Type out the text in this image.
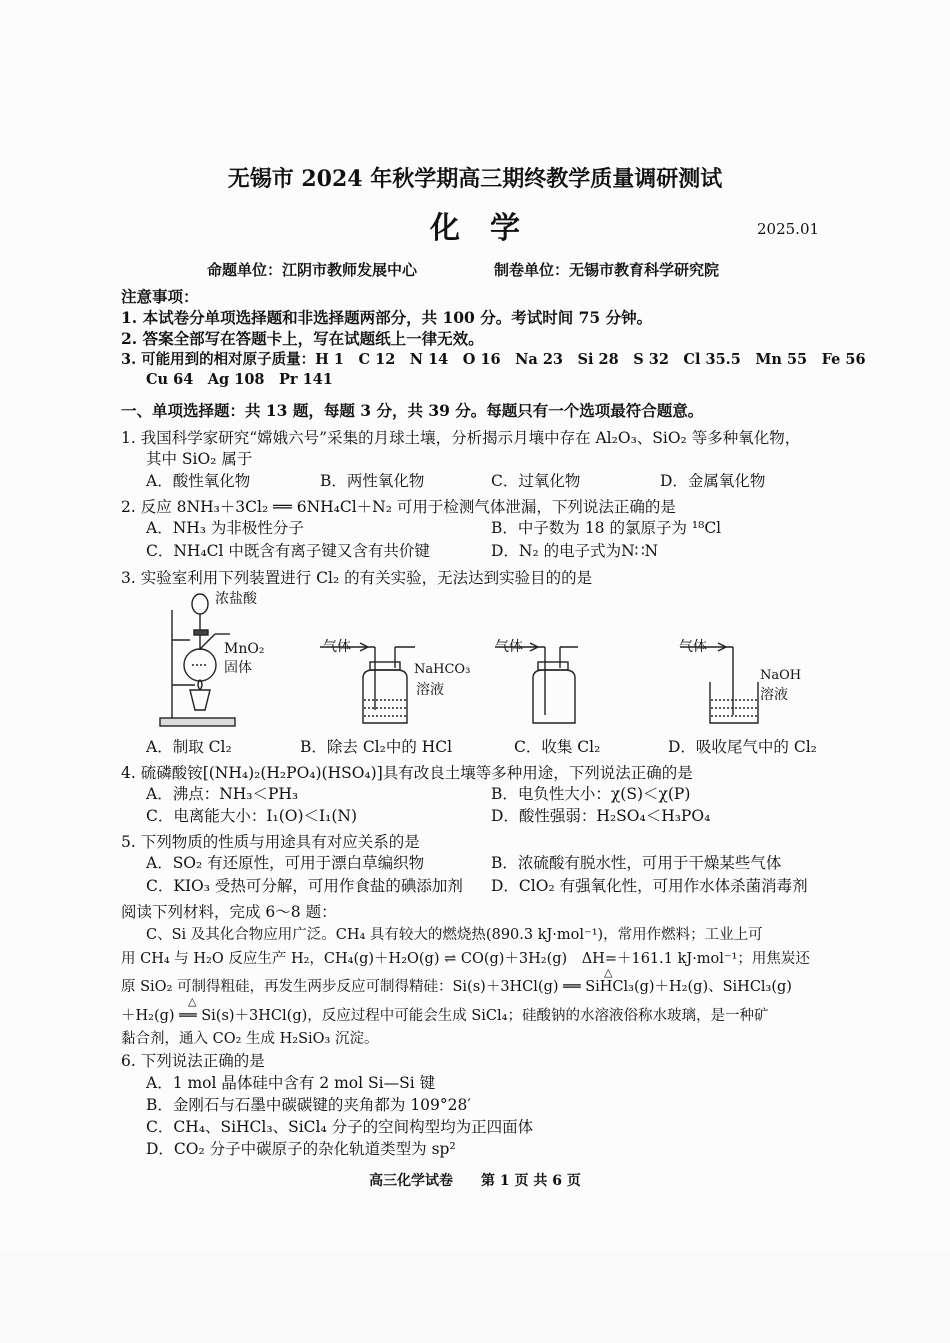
无锡市 2024 年秋学期高三期终教学质量调研测试
化学	2025.01
命题单位：江阴市教师发展中心	制卷单位：无锡市教育科学研究院
注意事项：
1. 本试卷分单项选择题和非选择题两部分，共 100 分。考试时间 75 分钟。
2. 答案全部写在答题卡上，写在试题纸上一律无效。
3. 可能用到的相对原子质量：H 1　C 12　N 14　O 16　Na 23　Si 28　S 32　Cl 35.5　Mn 55　Fe 56
Cu 64　Ag 108　Pr 141
一、单项选择题：共 13 题，每题 3 分，共 39 分。每题只有一个选项最符合题意。
1. 我国科学家研究“嫦娥六号”采集的月球土壤，分析揭示月壤中存在 Al₂O₃、SiO₂ 等多种氧化物，
其中 SiO₂ 属于
A．酸性氧化物	B．两性氧化物	C．过氧化物	D．金属氧化物
2. 反应 8NH₃＋3Cl₂ ══ 6NH₄Cl＋N₂ 可用于检测气体泄漏，下列说法正确的是
A．NH₃ 为非极性分子	B．中子数为 18 的氯原子为 ¹⁸Cl
C．NH₄Cl 中既含有离子键又含有共价键	D．N₂ 的电子式为N∷N
3. 实验室利用下列装置进行 Cl₂ 的有关实验，无法达到实验目的的是
浓盐酸
MnO₂
固体
气体
NaHCO₃
溶液
气体	气体
NaOH
溶液
A．制取 Cl₂	B．除去 Cl₂中的 HCl	C．收集 Cl₂	D．吸收尾气中的 Cl₂
4. 硫磷酸铵[(NH₄)₂(H₂PO₄)(HSO₄)]具有改良土壤等多种用途，下列说法正确的是
A．沸点：NH₃＜PH₃	B．电负性大小：χ(S)＜χ(P)
C．电离能大小：I₁(O)＜I₁(N)	D．酸性强弱：H₂SO₄＜H₃PO₄
5. 下列物质的性质与用途具有对应关系的是
A．SO₂ 有还原性，可用于漂白草编织物	B．浓硫酸有脱水性，可用于干燥某些气体
C．KIO₃ 受热可分解，可用作食盐的碘添加剂 D．ClO₂ 有强氧化性，可用作水体杀菌消毒剂
阅读下列材料，完成 6～8 题：
C、Si 及其化合物应用广泛。CH₄ 具有较大的燃烧热(890.3 kJ·mol⁻¹)，常用作燃料；工业上可
用 CH₄ 与 H₂O 反应生产 H₂，CH₄(g)＋H₂O(g) ⇌ CO(g)＋3H₂(g)　ΔH=＋161.1 kJ·mol⁻¹；用焦炭还
原 SiO₂ 可制得粗硅，再发生两步反应可制得精硅：Si(s)＋3HCl(g) ══ SiHCl₃(g)＋H₂(g)、SiHCl₃(g)
＋H₂(g) ══ Si(s)＋3HCl(g)，反应过程中可能会生成 SiCl₄；硅酸钠的水溶液俗称水玻璃，是一种矿
黏合剂，通入 CO₂ 生成 H₂SiO₃ 沉淀。
△
△
6. 下列说法正确的是
A．1 mol 晶体硅中含有 2 mol Si—Si 键
B．金刚石与石墨中碳碳键的夹角都为 109°28′
C．CH₄、SiHCl₃、SiCl₄ 分子的空间构型均为正四面体
D．CO₂ 分子中碳原子的杂化轨道类型为 sp²
高三化学试卷　　第 1 页 共 6 页
